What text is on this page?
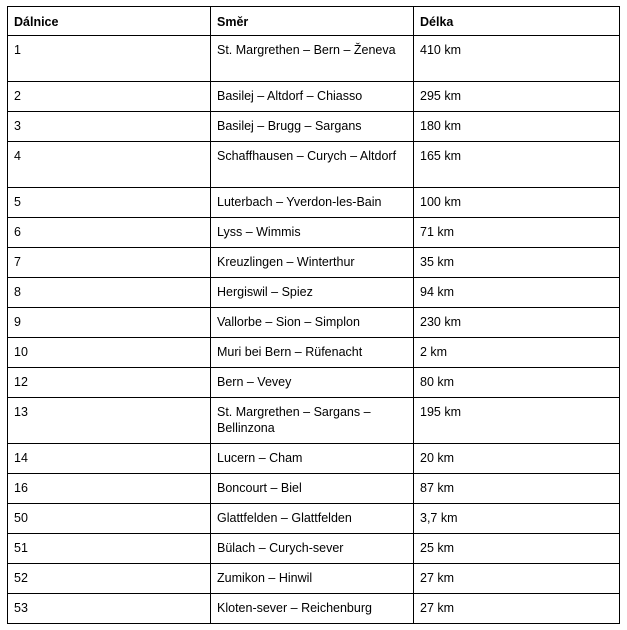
Dálnice	Směr	Délka
1	St. Margrethen – Bern – Ženeva	410 km
2	Basilej – Altdorf – Chiasso	295 km
3	Basilej – Brugg – Sargans	180 km
4	Schaffhausen – Curych – Altdorf	165 km
5	Luterbach – Yverdon-les-Bain	100 km
6	Lyss – Wimmis	71 km
7	Kreuzlingen – Winterthur	35 km
8	Hergiswil – Spiez	94 km
9	Vallorbe – Sion – Simplon	230 km
10	Muri bei Bern – Rüfenacht	2 km
12	Bern – Vevey	80 km
13	St. Margrethen – Sargans – Bellinzona	195 km
14	Lucern – Cham	20 km
16	Boncourt – Biel	87 km
50	Glattfelden – Glattfelden	3,7 km
51	Bülach – Curych-sever	25 km
52	Zumikon – Hinwil	27 km
53	Kloten-sever – Reichenburg	27 km
